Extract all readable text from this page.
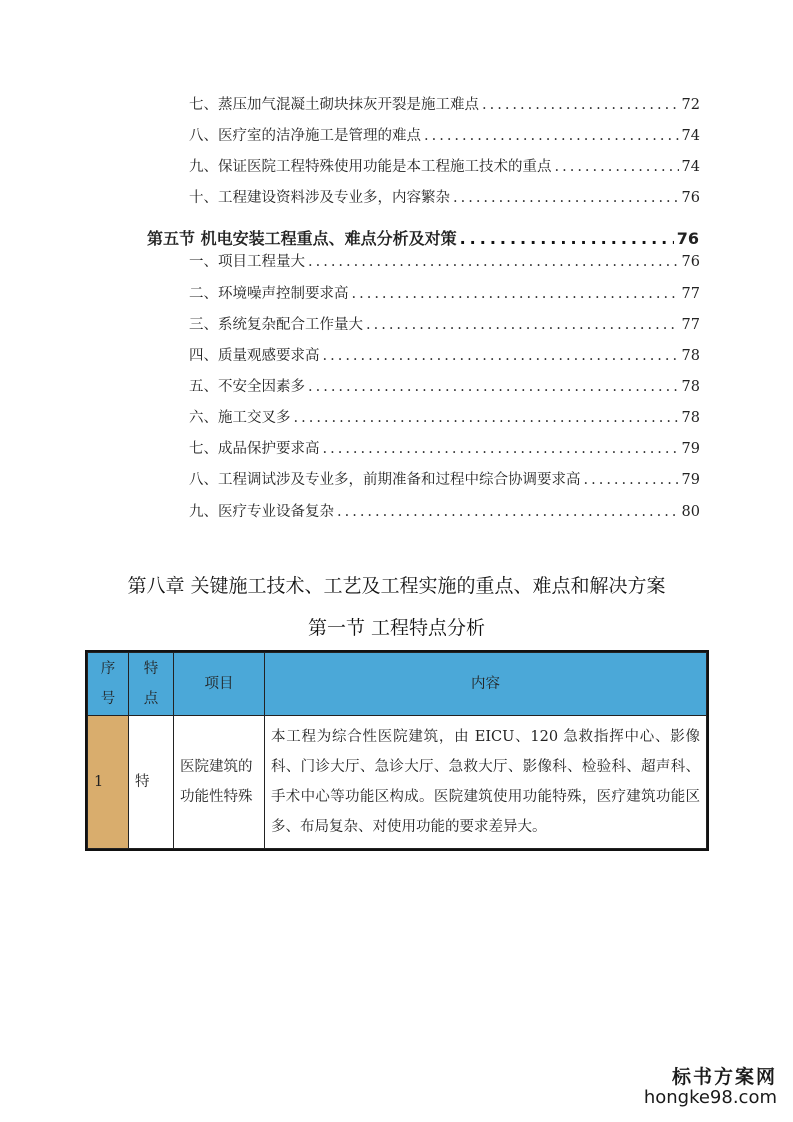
七、蒸压加气混凝土砌块抹灰开裂是施工难点 .....	72
八、医疗室的洁净施工是管理的难点 .....	74
九、保证医院工程特殊使用功能是本工程施工技术的重点 .....	74
十、工程建设资料涉及专业多，内容繁杂 .....	76
第五节 机电安装工程重点、难点分析及对策 .....	76
一、项目工程量大 .....	76
二、环境噪声控制要求高 .....	77
三、系统复杂配合工作量大 .....	77
四、质量观感要求高 .....	78
五、不安全因素多 .....	78
六、施工交叉多 .....	78
七、成品保护要求高 .....	79
八、工程调试涉及专业多，前期准备和过程中综合协调要求高 .....	79
九、医疗专业设备复杂 .....	80
第八章 关键施工技术、工艺及工程实施的重点、难点和解决方案
第一节 工程特点分析
序号	特点	项目	内容
1	特	医院建筑的功能性特殊	本工程为综合性医院建筑，由 EICU、120 急救指挥中心、影像科、门诊大厅、急诊大厅、急救大厅、影像科、检验科、超声科、手术中心等功能区构成。医院建筑使用功能特殊，医疗建筑功能区多、布局复杂、对使用功能的要求差异大。
标书方案网
hongke98.com
